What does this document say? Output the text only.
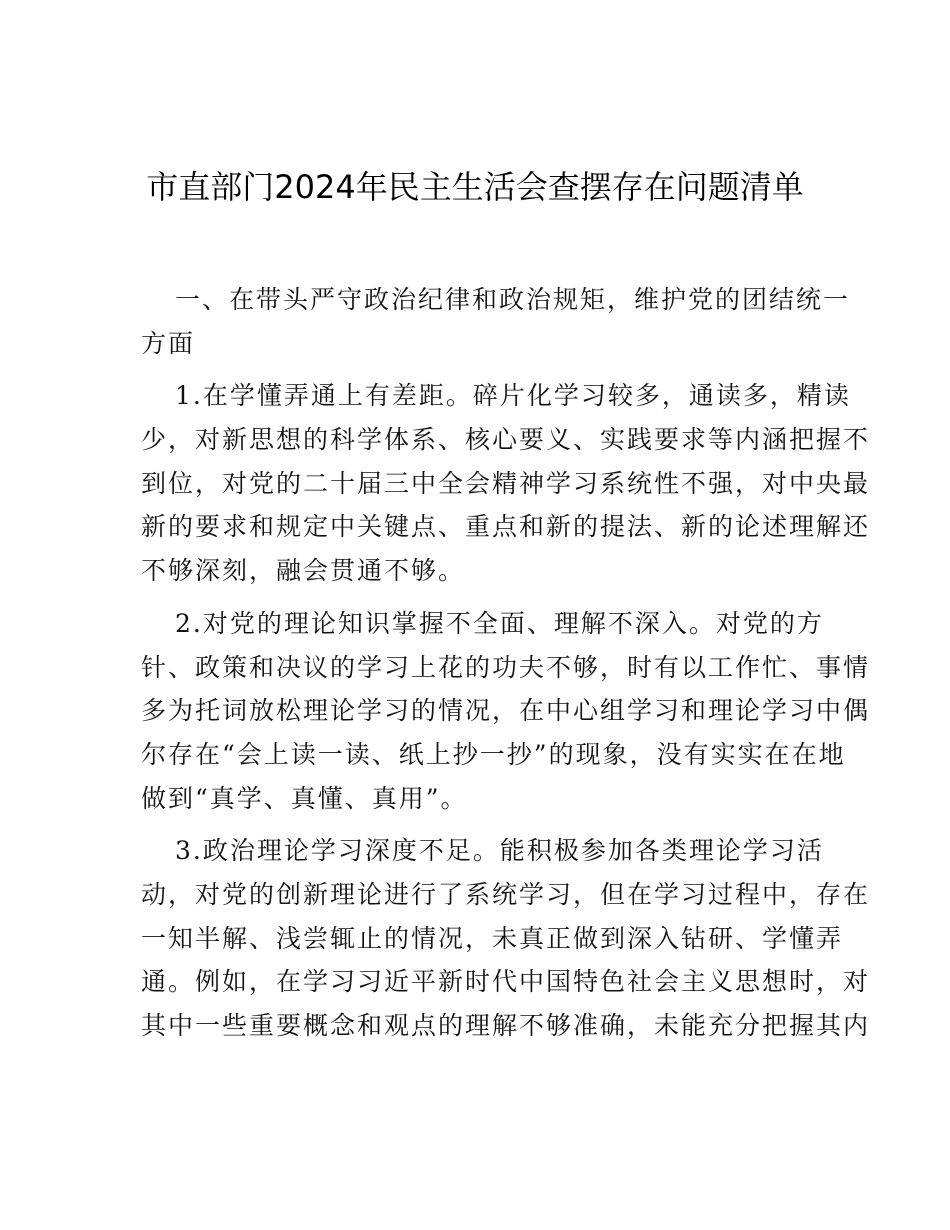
市直部门2024年民主生活会查摆存在问题清单
一、在带头严守政治纪律和政治规矩，维护党的团结统一
方面
1.在学懂弄通上有差距。碎片化学习较多，通读多，精读
少，对新思想的科学体系、核心要义、实践要求等内涵把握不
到位，对党的二十届三中全会精神学习系统性不强，对中央最
新的要求和规定中关键点、重点和新的提法、新的论述理解还
不够深刻，融会贯通不够。
2.对党的理论知识掌握不全面、理解不深入。对党的方
针、政策和决议的学习上花的功夫不够，时有以工作忙、事情
多为托词放松理论学习的情况，在中心组学习和理论学习中偶
尔存在“会上读一读、纸上抄一抄”的现象，没有实实在在地
做到“真学、真懂、真用”。
3.政治理论学习深度不足。能积极参加各类理论学习活
动，对党的创新理论进行了系统学习，但在学习过程中，存在
一知半解、浅尝辄止的情况，未真正做到深入钻研、学懂弄
通。例如，在学习习近平新时代中国特色社会主义思想时，对
其中一些重要概念和观点的理解不够准确，未能充分把握其内
